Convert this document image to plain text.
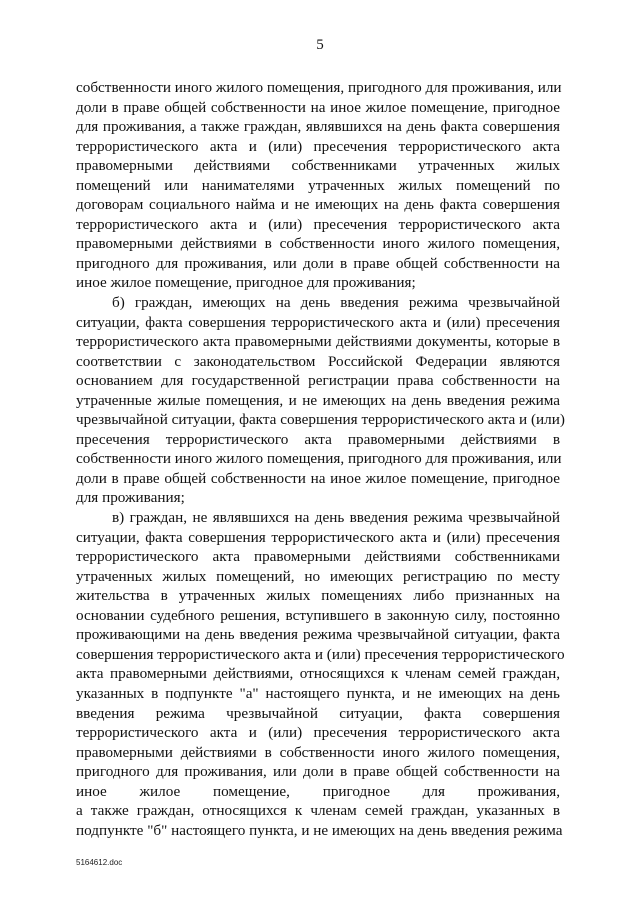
5

собственности иного жилого помещения, пригодного для проживания, или
доли в праве общей собственности на иное жилое помещение, пригодное
для проживания, а также граждан, являвшихся на день факта совершения
террористического акта и (или) пресечения террористического акта
правомерными действиями собственниками утраченных жилых
помещений или нанимателями утраченных жилых помещений по
договорам социального найма и не имеющих на день факта совершения
террористического акта и (или) пресечения террористического акта
правомерными действиями в собственности иного жилого помещения,
пригодного для проживания, или доли в праве общей собственности на
иное жилое помещение, пригодное для проживания;

б) граждан, имеющих на день введения режима чрезвычайной
ситуации, факта совершения террористического акта и (или) пресечения
террористического акта правомерными действиями документы, которые в
соответствии с законодательством Российской Федерации являются
основанием для государственной регистрации права собственности на
утраченные жилые помещения, и не имеющих на день введения режима
чрезвычайной ситуации, факта совершения террористического акта и (или)
пресечения террористического акта правомерными действиями в
собственности иного жилого помещения, пригодного для проживания, или
доли в праве общей собственности на иное жилое помещение, пригодное
для проживания;

в) граждан, не являвшихся на день введения режима чрезвычайной
ситуации, факта совершения террористического акта и (или) пресечения
террористического акта правомерными действиями собственниками
утраченных жилых помещений, но имеющих регистрацию по месту
жительства в утраченных жилых помещениях либо признанных на
основании судебного решения, вступившего в законную силу, постоянно
проживающими на день введения режима чрезвычайной ситуации, факта
совершения террористического акта и (или) пресечения террористического
акта правомерными действиями, относящихся к членам семей граждан,
указанных в подпункте "а" настоящего пункта, и не имеющих на день
введения режима чрезвычайной ситуации, факта совершения
террористического акта и (или) пресечения террористического акта
правомерными действиями в собственности иного жилого помещения,
пригодного для проживания, или доли в праве общей собственности на
иное жилое помещение, пригодное для проживания,
а также граждан, относящихся к членам семей граждан, указанных в
подпункте "б" настоящего пункта, и не имеющих на день введения режима

5164612.doc
